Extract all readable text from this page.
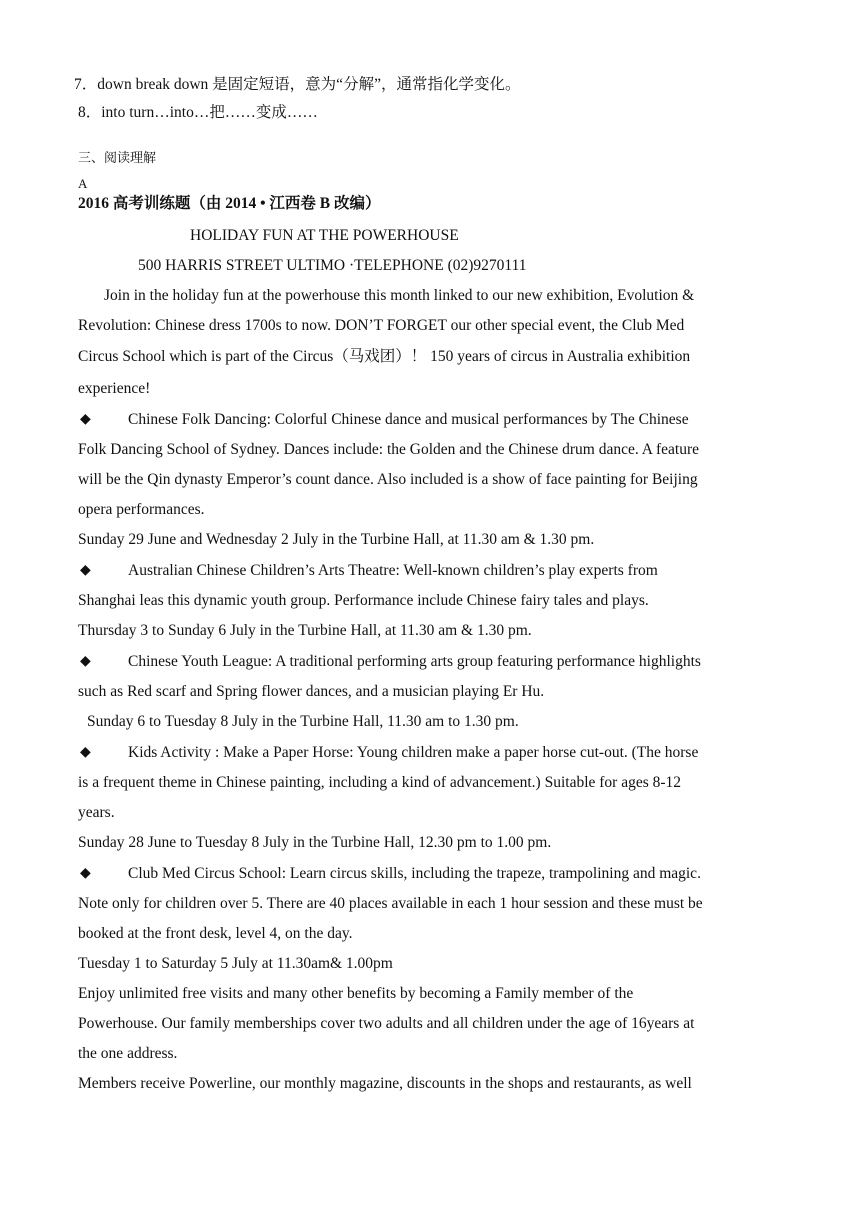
7．down break down 是固定短语，意为“分解”，通常指化学变化。
8．into turn…into…把……变成……
三、阅读理解
A
2016 高考训练题（由 2014 • 江西卷 B 改编）
HOLIDAY FUN AT THE POWERHOUSE
500 HARRIS STREET ULTIMO ·TELEPHONE (02)9270111
Join in the holiday fun at the powerhouse this month linked to our new exhibition, Evolution &
Revolution: Chinese dress 1700s to now. DON’T FORGET our other special event, the Club Med
Circus School which is part of the Circus（马戏团）！ 150 years of circus in Australia exhibition
experience!
◆ Chinese Folk Dancing: Colorful Chinese dance and musical performances by The Chinese
Folk Dancing School of Sydney. Dances include: the Golden and the Chinese drum dance. A feature
will be the Qin dynasty Emperor’s count dance. Also included is a show of face painting for Beijing
opera performances.
Sunday 29 June and Wednesday 2 July in the Turbine Hall, at 11.30 am & 1.30 pm.
◆ Australian Chinese Children’s Arts Theatre: Well-known children’s play experts from
Shanghai leas this dynamic youth group. Performance include Chinese fairy tales and plays.
Thursday 3 to Sunday 6 July in the Turbine Hall, at 11.30 am & 1.30 pm.
◆ Chinese Youth League: A traditional performing arts group featuring performance highlights
such as Red scarf and Spring flower dances, and a musician playing Er Hu.
Sunday 6 to Tuesday 8 July in the Turbine Hall, 11.30 am to 1.30 pm.
◆ Kids Activity : Make a Paper Horse: Young children make a paper horse cut-out. (The horse
is a frequent theme in Chinese painting, including a kind of advancement.) Suitable for ages 8-12
years.
Sunday 28 June to Tuesday 8 July in the Turbine Hall, 12.30 pm to 1.00 pm.
◆ Club Med Circus School: Learn circus skills, including the trapeze, trampolining and magic.
Note only for children over 5. There are 40 places available in each 1 hour session and these must be
booked at the front desk, level 4, on the day.
Tuesday 1 to Saturday 5 July at 11.30am& 1.00pm
Enjoy unlimited free visits and many other benefits by becoming a Family member of the
Powerhouse. Our family memberships cover two adults and all children under the age of 16years at
the one address.
Members receive Powerline, our monthly magazine, discounts in the shops and restaurants, as well
